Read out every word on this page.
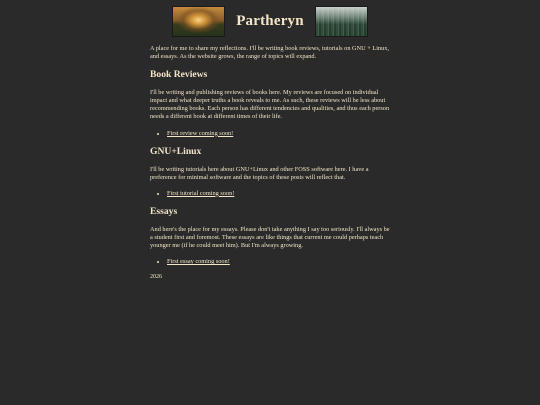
Partheryn

A place for me to share my reflections. I'll be writing book reviews, tutorials on GNU + Linux, and essays. As the website grows, the range of topics will expand.

Book Reviews

I'll be writing and publishing reviews of books here. My reviews are focused on individual impact and what deeper truths a book reveals to me. As such, these reviews will be less about recommending books. Each person has different tendencies and qualities, and thus each person needs a different book at different times of their life.

• First review coming soon!
GNU+Linux

I'll be writing tutorials here about GNU+Linux and other FOSS software here. I have a preference for minimal software and the topics of these posts will reflect that.

• First tutorial coming soon!
Essays

And here's the place for my essays. Please don't take anything I say too seriously. I'll always be a student first and foremost. These essays are like things that current me could perhaps teach younger me (if he could meet him). But I'm always growing.

• First essay coming soon!
2026
